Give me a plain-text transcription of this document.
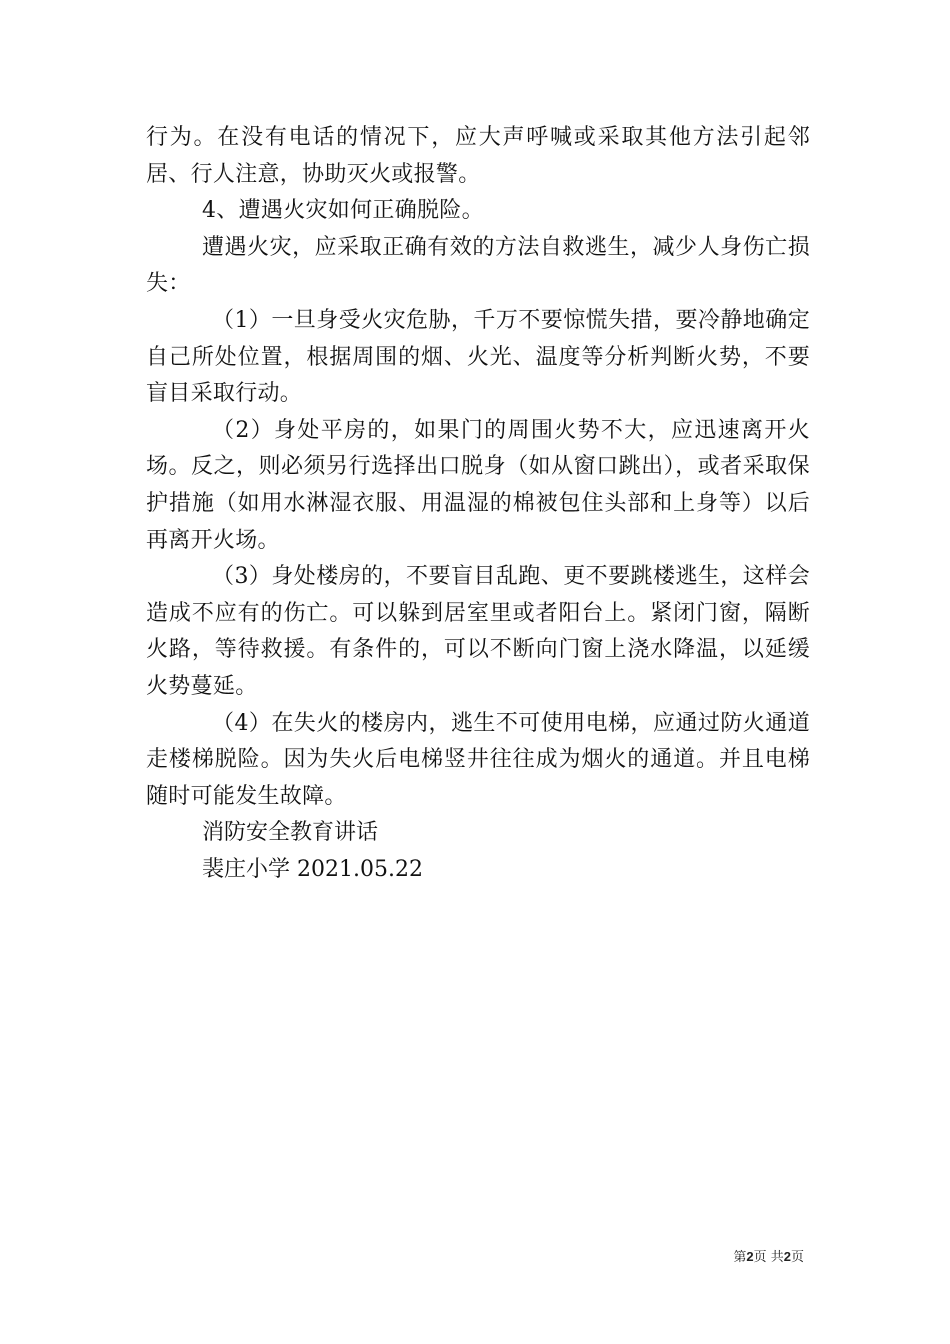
行为。在没有电话的情况下，应大声呼喊或采取其他方法引起邻居、行人注意，协助灭火或报警。

4、遭遇火灾如何正确脱险。

遭遇火灾，应采取正确有效的方法自救逃生，减少人身伤亡损失：

（1）一旦身受火灾危胁，千万不要惊慌失措，要冷静地确定自己所处位置，根据周围的烟、火光、温度等分析判断火势，不要盲目采取行动。

（2）身处平房的，如果门的周围火势不大，应迅速离开火场。反之，则必须另行选择出口脱身（如从窗口跳出），或者采取保护措施（如用水淋湿衣服、用温湿的棉被包住头部和上身等）以后再离开火场。

（3）身处楼房的，不要盲目乱跑、更不要跳楼逃生，这样会造成不应有的伤亡。可以躲到居室里或者阳台上。紧闭门窗，隔断火路，等待救援。有条件的，可以不断向门窗上浇水降温，以延缓火势蔓延。

（4）在失火的楼房内，逃生不可使用电梯，应通过防火通道走楼梯脱险。因为失火后电梯竖井往往成为烟火的通道。并且电梯随时可能发生故障。

消防安全教育讲话

裴庄小学 2021.05.22

第2页 共2页
